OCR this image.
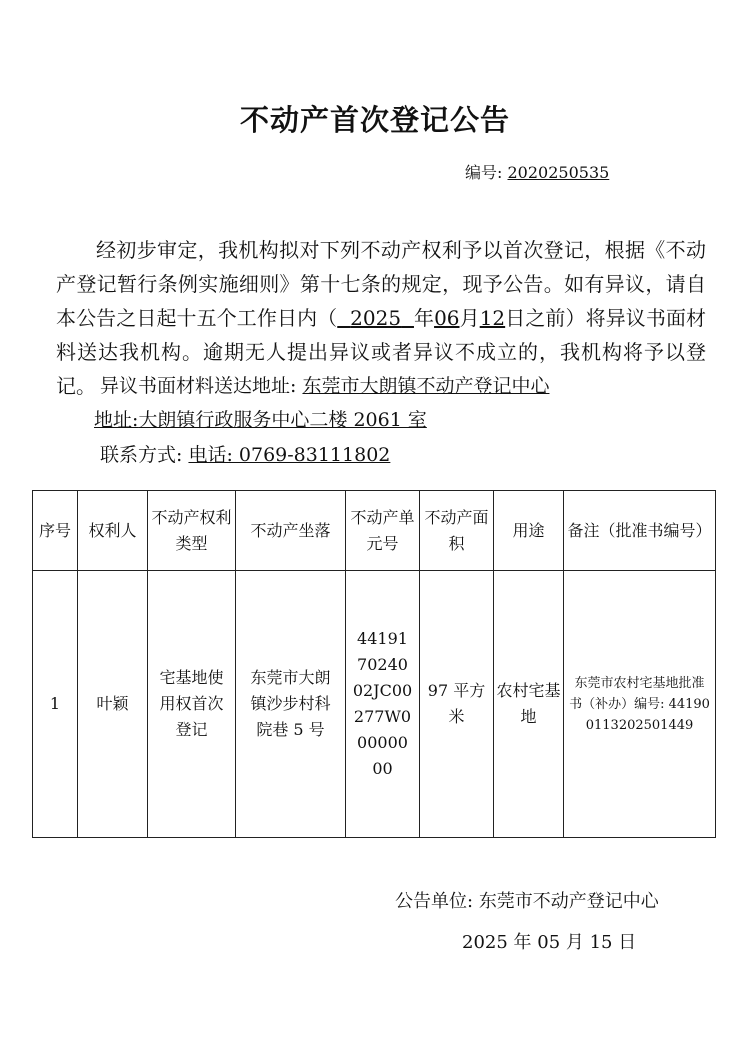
不动产首次登记公告
编号: 2020250535

经初步审定，我机构拟对下列不动产权利予以首次登记，根据《不动产登记暂行条例实施细则》第十七条的规定，现予公告。如有异议，请自本公告之日起十五个工作日内（ 2025 年06月12日之前）将异议书面材料送达我机构。逾期无人提出异议或者异议不成立的，我机构将予以登记。 异议书面材料送达地址: 东莞市大朗镇不动产登记中心
地址:大朗镇行政服务中心二楼 2061 室
联系方式: 电话: 0769-83111802
序号	权利人	不动产权利类型	不动产坐落	不动产单元号	不动产面积	用途	备注（批准书编号）
1	叶颖	宅基地使用权首次登记	东莞市大朗镇沙步村科院巷 5 号	441917024002JC00277W00000000	97 平方米	农村宅基地	东莞市农村宅基地批准书（补办）编号: 441900113202501449
公告单位: 东莞市不动产登记中心
2025 年 05 月 15 日
